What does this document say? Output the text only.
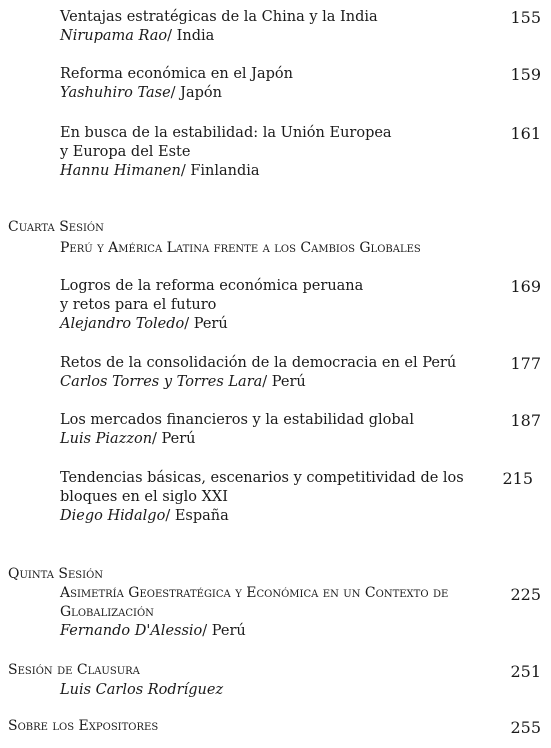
Ventajas estratégicas de la China y la India
Nirupama Rao/ India
155
Reforma económica en el Japón
Yashuhiro Tase/ Japón
159
En busca de la estabilidad: la Unión Europea
y Europa del Este
Hannu Himanen/ Finlandia
161
Cuarta Sesión
Perú y América Latina frente a los Cambios Globales
Logros de la reforma económica peruana
y retos para el futuro
Alejandro Toledo/ Perú
169
Retos de la consolidación de la democracia en el Perú
Carlos Torres y Torres Lara/ Perú
177
Los mercados financieros y la estabilidad global
Luis Piazzon/ Perú
187
Tendencias básicas, escenarios y competitividad de los
bloques en el siglo XXI
Diego Hidalgo/ España
215
Quinta Sesión
Asimetría Geoestratégica y Económica en un Contexto de
Globalización
Fernando D'Alessio/ Perú
225
Sesión de Clausura
Luis Carlos Rodríguez
251
Sobre los Expositores	255
